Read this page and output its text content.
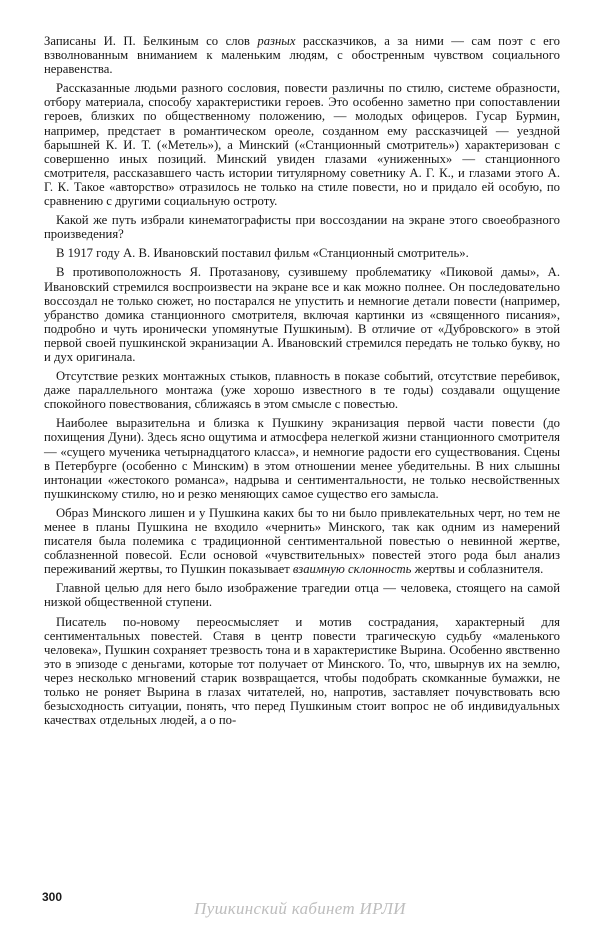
Записаны И. П. Белкиным со слов разных рассказчиков, а за ними — сам поэт с его взволнованным вниманием к маленьким людям, с обостренным чувством социального неравенства.

Рассказанные людьми разного сословия, повести различны по стилю, системе образности, отбору материала, способу характеристики героев. Это особенно заметно при сопоставлении героев, близких по общественному положению, — молодых офицеров. Гусар Бурмин, например, предстает в романтическом ореоле, созданном ему рассказчицей — уездной барышней К. И. Т. («Метель»), а Минский («Станционный смотритель») характеризован с совершенно иных позиций. Минский увиден глазами «униженных» — станционного смотрителя, рассказавшего часть истории титулярному советнику А. Г. К., и глазами этого А. Г. К. Такое «авторство» отразилось не только на стиле повести, но и придало ей особую, по сравнению с другими социальную остроту.

Какой же путь избрали кинематографисты при воссоздании на экране этого своеобразного произведения?

В 1917 году А. В. Ивановский поставил фильм «Станционный смотритель».

В противоположность Я. Протазанову, сузившему проблематику «Пиковой дамы», А. Ивановский стремился воспроизвести на экране все и как можно полнее. Он последовательно воссоздал не только сюжет, но постарался не упустить и немногие детали повести (например, убранство домика станционного смотрителя, включая картинки из «священного писания», подробно и чуть иронически упомянутые Пушкиным). В отличие от «Дубровского» в этой первой своей пушкинской экранизации А. Ивановский стремился передать не только букву, но и дух оригинала.

Отсутствие резких монтажных стыков, плавность в показе событий, отсутствие перебивок, даже параллельного монтажа (уже хорошо известного в те годы) создавали ощущение спокойного повествования, сближаясь в этом смысле с повестью.

Наиболее выразительна и близка к Пушкину экранизация первой части повести (до похищения Дуни). Здесь ясно ощутима и атмосфера нелегкой жизни станционного смотрителя — «сущего мученика четырнадцатого класса», и немногие радости его существования. Сцены в Петербурге (особенно с Минским) в этом отношении менее убедительны. В них слышны интонации «жестокого романса», надрыва и сентиментальности, не только несвойственных пушкинскому стилю, но и резко меняющих самое существо его замысла.

Образ Минского лишен и у Пушкина каких бы то ни было привлекательных черт, но тем не менее в планы Пушкина не входило «чернить» Минского, так как одним из намерений писателя была полемика с традиционной сентиментальной повестью о невинной жертве, соблазненной повесой. Если основой «чувствительных» повестей этого рода был анализ переживаний жертвы, то Пушкин показывает взаимную склонность жертвы и соблазнителя.

Главной целью для него было изображение трагедии отца — человека, стоящего на самой низкой общественной ступени.

Писатель по-новому переосмысляет и мотив сострадания, характерный для сентиментальных повестей. Ставя в центр повести трагическую судьбу «маленького человека», Пушкин сохраняет трезвость тона и в характеристике Вырина. Особенно явственно это в эпизоде с деньгами, которые тот получает от Минского. То, что, швырнув их на землю, через несколько мгновений старик возвращается, чтобы подобрать скомканные бумажки, не только не роняет Вырина в глазах читателей, но, напротив, заставляет почувствовать всю безысходность ситуации, понять, что перед Пушкиным стоит вопрос не об индивидуальных качествах отдельных людей, а о по-

300
Пушкинский кабинет ИРЛИ
